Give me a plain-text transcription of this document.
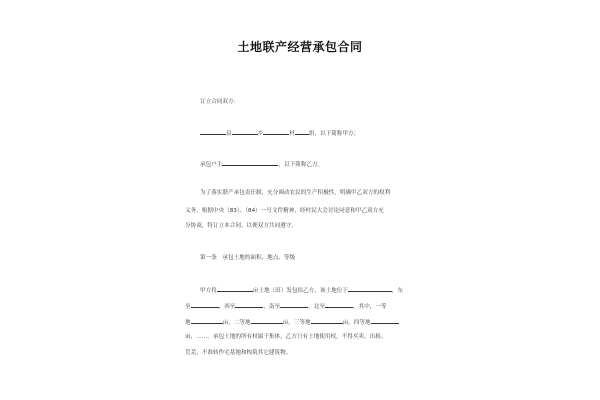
土地联产经营承包合同
订立合同双方：
县	乡	村	组，以下简称甲方；
承包户主	，以下简称乙方。
为了落实联产承包责任制，充分调动农民的生产积极性，明确甲乙双方的权利
义务，根据中央（83）、（84）一号文件精神，经村民大会讨论同意和甲乙双方充
分协商，特订立本合同，以便双方共同遵守。
第一条　承包土地的面积、地点、等级
甲方将	亩土地（田）发包给乙方，该土地位于	，东
至	，西至	，南至	，北至	，其中，一等
地	亩，二等地	亩，三等地	亩，四等地
亩，……。承包土地的所有权属于集体，乙方只有土地使用权，不得买卖、出租、
荒芜，不准转作宅基地和构筑其它建筑物。
